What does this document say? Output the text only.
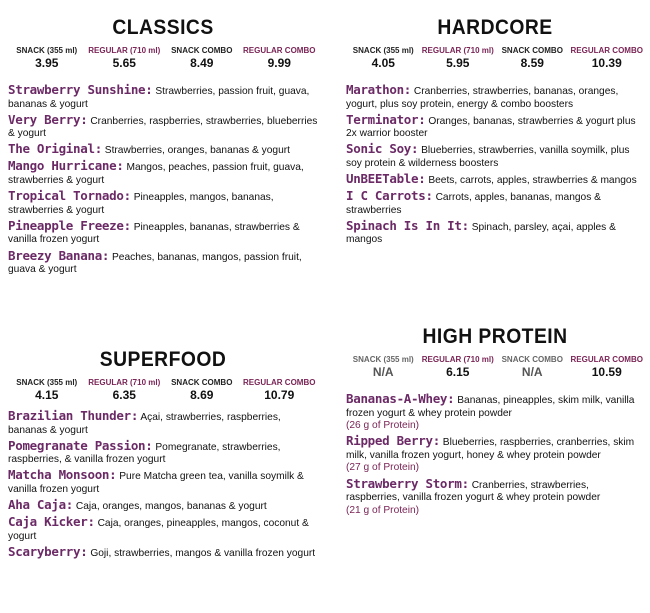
CLASSICS
SNACK (355 ml)
3.95
REGULAR (710 ml)
5.65
SNACK COMBO
8.49
REGULAR COMBO
9.99
Strawberry Sunshine: Strawberries, passion fruit, guava, bananas & yogurt
Very Berry: Cranberries, raspberries, strawberries, blueberries & yogurt
The Original: Strawberries, oranges, bananas & yogurt
Mango Hurricane: Mangos, peaches, passion fruit, guava, strawberries & yogurt
Tropical Tornado: Pineapples, mangos, bananas, strawberries & yogurt
Pineapple Freeze: Pineapples, bananas, strawberries & vanilla frozen yogurt
Breezy Banana: Peaches, bananas, mangos, passion fruit, guava & yogurt
SUPERFOOD
SNACK (355 ml)
4.15
REGULAR (710 ml)
6.35
SNACK COMBO
8.69
REGULAR COMBO
10.79
Brazilian Thunder: Açai, strawberries, raspberries, bananas & yogurt
Pomegranate Passion: Pomegranate, strawberries, raspberries, & vanilla frozen yogurt
Matcha Monsoon: Pure Matcha green tea, vanilla soymilk & vanilla frozen yogurt
Aha Caja: Caja, oranges, mangos, bananas & yogurt
Caja Kicker: Caja, oranges, pineapples, mangos, coconut & yogurt
Scaryberry: Goji, strawberries, mangos & vanilla frozen yogurt
HARDCORE
SNACK (355 ml)
4.05
REGULAR (710 ml)
5.95
SNACK COMBO
8.59
REGULAR COMBO
10.39
Marathon: Cranberries, strawberries, bananas, oranges, yogurt, plus soy protein, energy & combo boosters
Terminator: Oranges, bananas, strawberries & yogurt plus 2x warrior booster
Sonic Soy: Blueberries, strawberries, vanilla soymilk, plus soy protein & wilderness boosters
UnBEETable: Beets, carrots, apples, strawberries & mangos
I C Carrots: Carrots, apples, bananas, mangos & strawberries
Spinach Is In It: Spinach, parsley, açai, apples & mangos
HIGH PROTEIN
SNACK (355 ml)
N/A
REGULAR (710 ml)
6.15
SNACK COMBO
N/A
REGULAR COMBO
10.59
Bananas-A-Whey: Bananas, pineapples, skim milk, vanilla frozen yogurt & whey protein powder
(26 g of Protein)
Ripped Berry: Blueberries, raspberries, cranberries, skim milk, vanilla frozen yogurt, honey & whey protein powder
(27 g of Protein)
Strawberry Storm: Cranberries, strawberries, raspberries, vanilla frozen yogurt & whey protein powder
(21 g of Protein)
